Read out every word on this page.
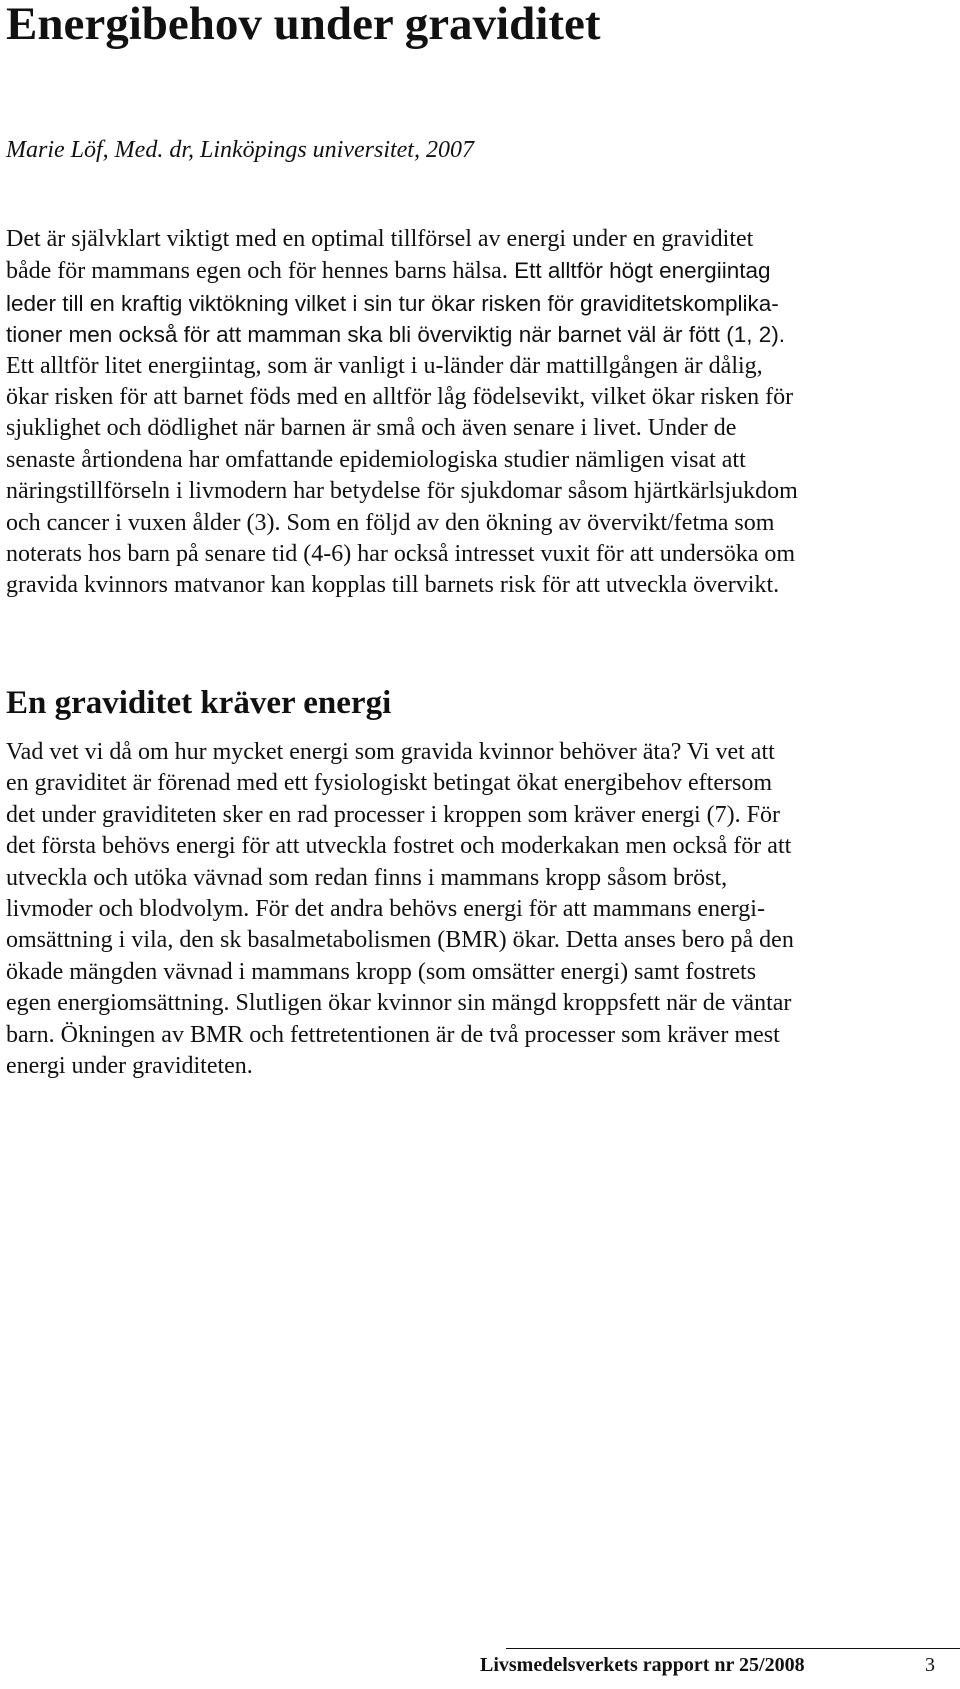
Energibehov under graviditet

Marie Löf, Med. dr, Linköpings universitet, 2007

Det är självklart viktigt med en optimal tillförsel av energi under en graviditet
både för mammans egen och för hennes barns hälsa. Ett alltför högt energiintag
leder till en kraftig viktökning vilket i sin tur ökar risken för graviditetskomplika-
tioner men också för att mamman ska bli överviktig när barnet väl är fött (1, 2).
Ett alltför litet energiintag, som är vanligt i u-länder där mattillgången är dålig,
ökar risken för att barnet föds med en alltför låg födelsevikt, vilket ökar risken för
sjuklighet och dödlighet när barnen är små och även senare i livet. Under de
senaste årtiondena har omfattande epidemiologiska studier nämligen visat att
näringstillförseln i livmodern har betydelse för sjukdomar såsom hjärtkärlsjukdom
och cancer i vuxen ålder (3). Som en följd av den ökning av övervikt/fetma som
noterats hos barn på senare tid (4-6) har också intresset vuxit för att undersöka om
gravida kvinnors matvanor kan kopplas till barnets risk för att utveckla övervikt.
En graviditet kräver energi
Vad vet vi då om hur mycket energi som gravida kvinnor behöver äta? Vi vet att
en graviditet är förenad med ett fysiologiskt betingat ökat energibehov eftersom
det under graviditeten sker en rad processer i kroppen som kräver energi (7). För
det första behövs energi för att utveckla fostret och moderkakan men också för att
utveckla och utöka vävnad som redan finns i mammans kropp såsom bröst,
livmoder och blodvolym. För det andra behövs energi för att mammans energi-
omsättning i vila, den sk basalmetabolismen (BMR) ökar. Detta anses bero på den
ökade mängden vävnad i mammans kropp (som omsätter energi) samt fostrets
egen energiomsättning. Slutligen ökar kvinnor sin mängd kroppsfett när de väntar
barn. Ökningen av BMR och fettretentionen är de två processer som kräver mest
energi under graviditeten.

Livsmedelsverkets rapport nr 25/2008	3
